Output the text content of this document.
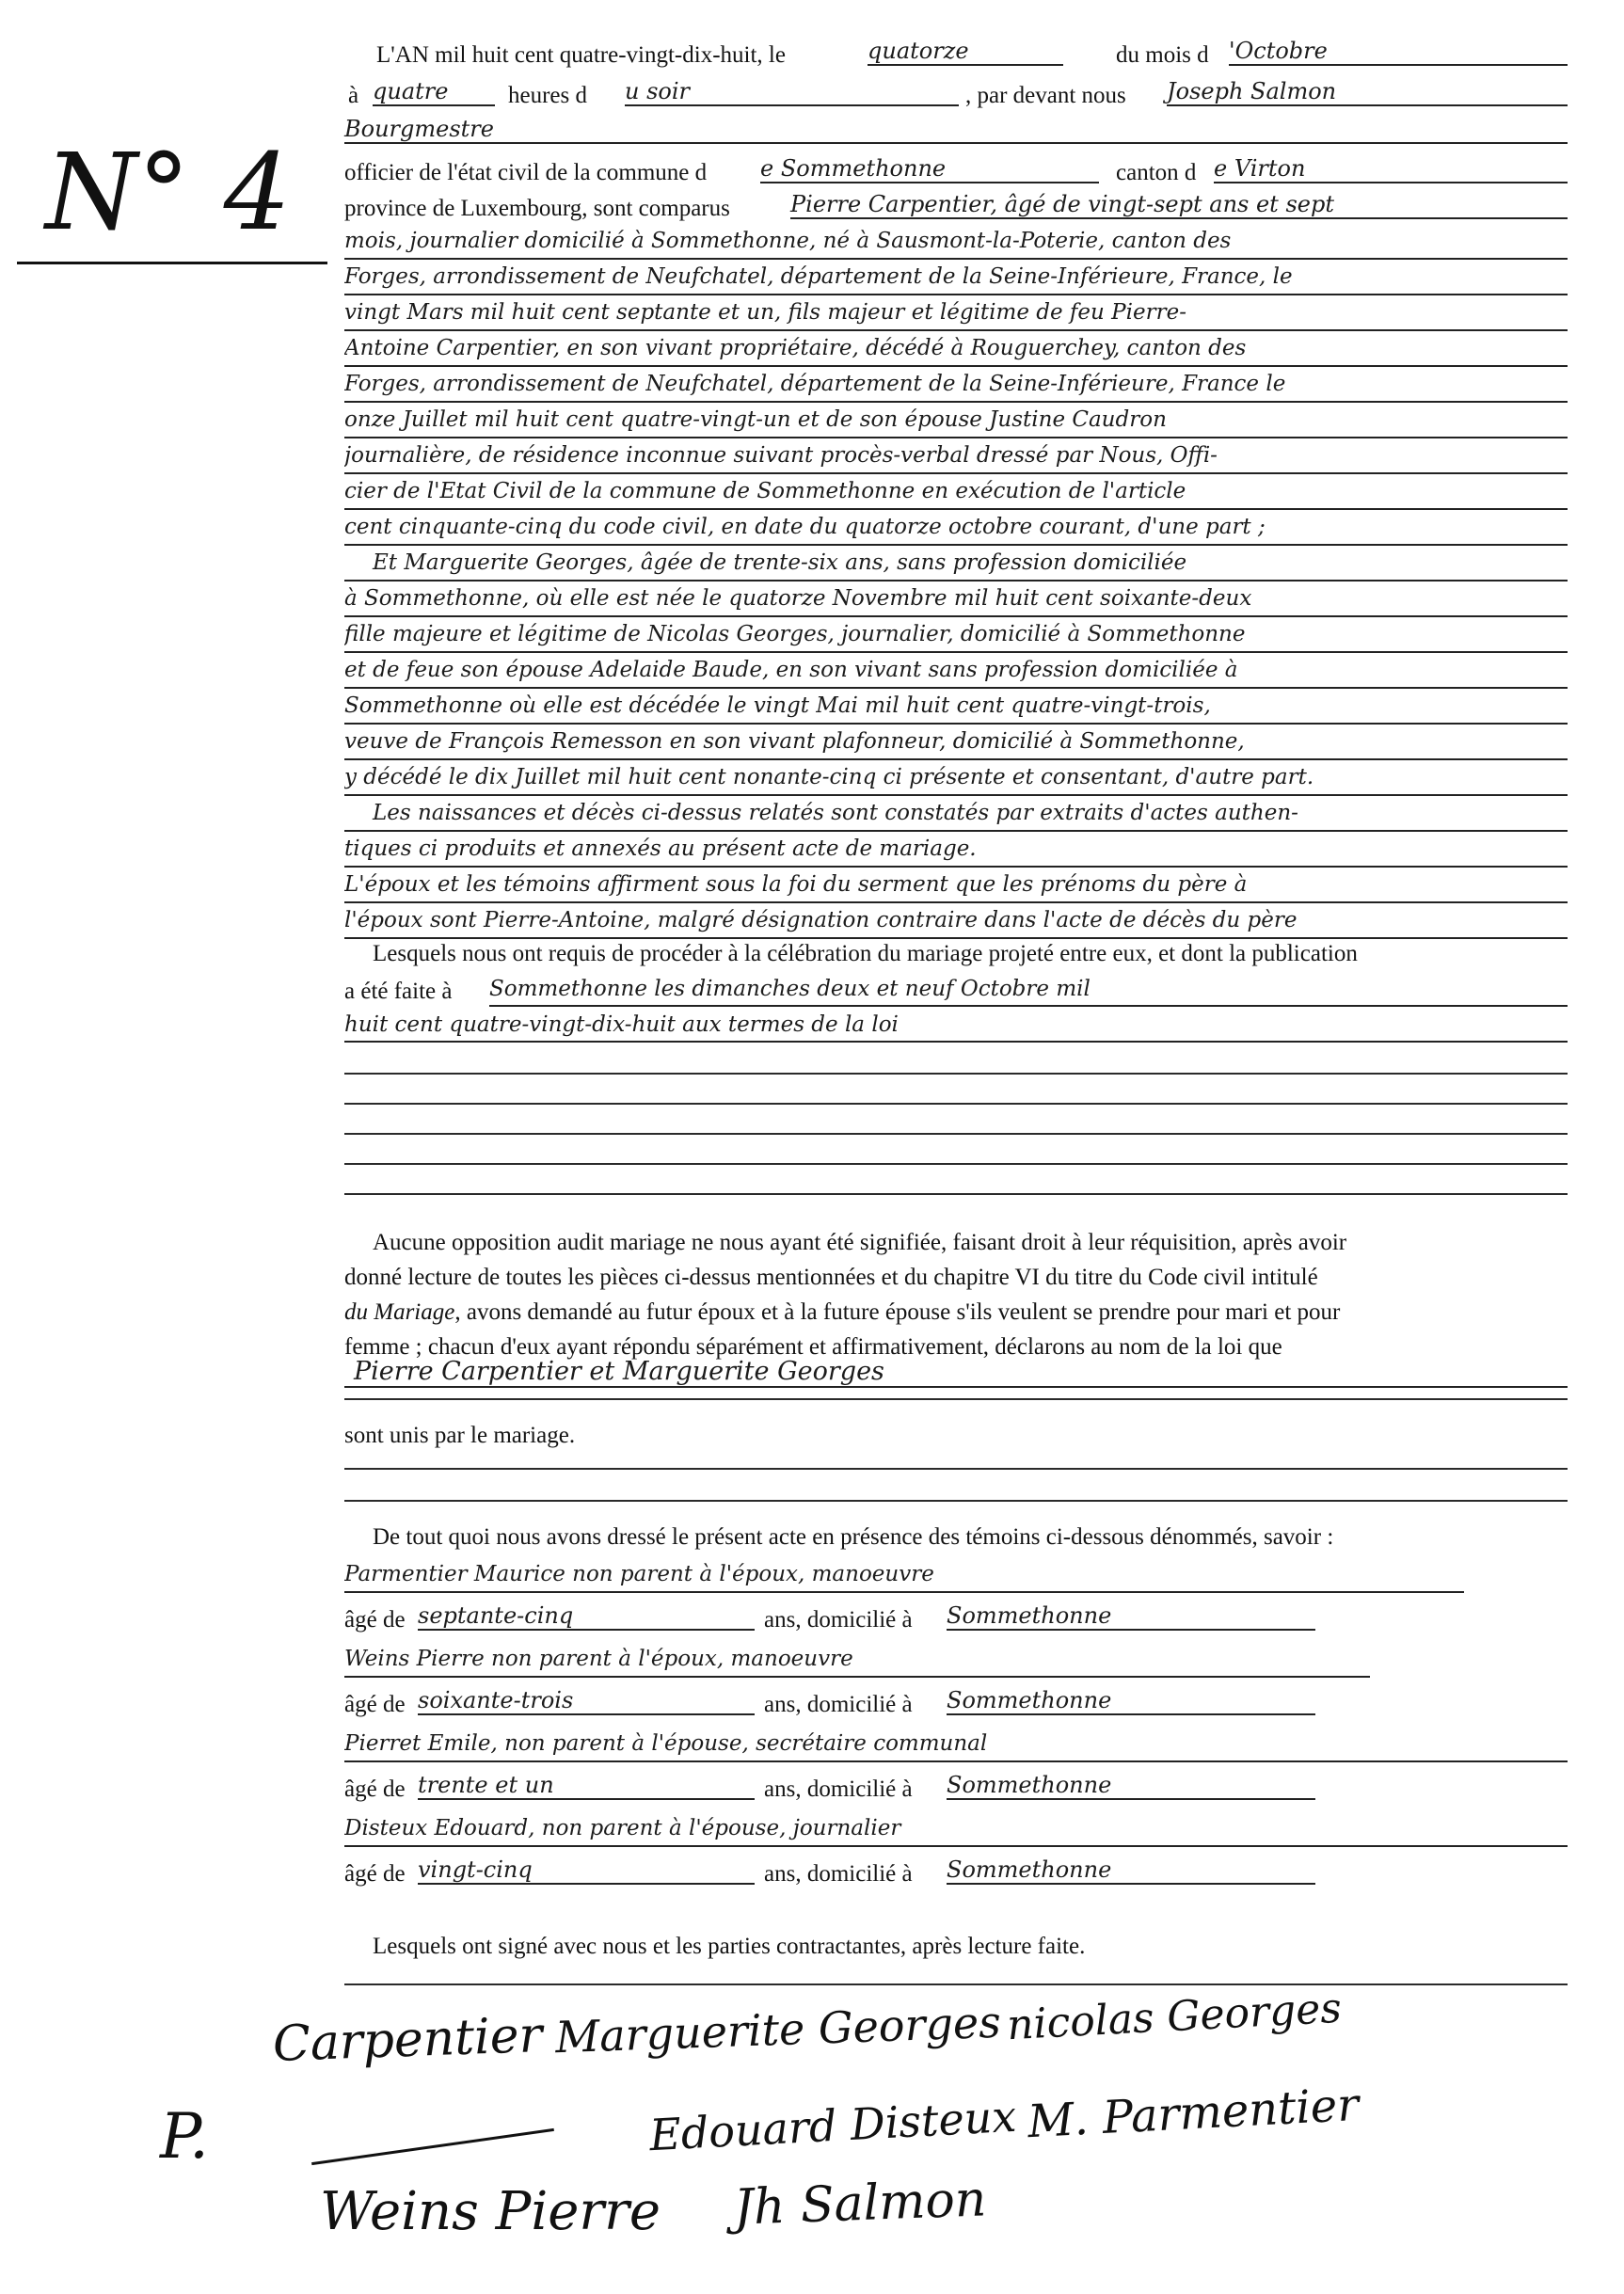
N° 4
L'AN mil huit cent quatre-vingt-dix-huit, le	quatorze	du mois d 'Octobre
à quatre	heures d u soir	, par devant nous Joseph Salmon
Bourgmestre
officier de l'état civil de la commune d e Sommethonne	canton d e Virton
province de Luxembourg, sont comparus	Pierre Carpentier, âgé de vingt-sept ans et sept
mois, journalier domicilié à Sommethonne, né à Sausmont-la-Poterie, canton des
Forges, arrondissement de Neufchatel, département de la Seine-Inférieure, France, le
vingt Mars mil huit cent septante et un, fils majeur et légitime de feu Pierre-
Antoine Carpentier, en son vivant propriétaire, décédé à Rouguerchey, canton des
Forges, arrondissement de Neufchatel, département de la Seine-Inférieure, France le
onze Juillet mil huit cent quatre-vingt-un et de son épouse Justine Caudron
journalière, de résidence inconnue suivant procès-verbal dressé par Nous, Offi-
cier de l'Etat Civil de la commune de Sommethonne en exécution de l'article
cent cinquante-cinq du code civil, en date du quatorze octobre courant, d'une part ;
Et Marguerite Georges, âgée de trente-six ans, sans profession domiciliée
à Sommethonne, où elle est née le quatorze Novembre mil huit cent soixante-deux
fille majeure et légitime de Nicolas Georges, journalier, domicilié à Sommethonne
et de feue son épouse Adelaide Baude, en son vivant sans profession domiciliée à
Sommethonne où elle est décédée le vingt Mai mil huit cent quatre-vingt-trois,
veuve de François Remesson en son vivant plafonneur, domicilié à Sommethonne,
y décédé le dix Juillet mil huit cent nonante-cinq ci présente et consentant, d'autre part.
Les naissances et décès ci-dessus relatés sont constatés par extraits d'actes authen-
tiques ci produits et annexés au présent acte de mariage.
L'époux et les témoins affirment sous la foi du serment que les prénoms du père à
l'époux sont Pierre-Antoine, malgré désignation contraire dans l'acte de décès du père
Lesquels nous ont requis de procéder à la célébration du mariage projeté entre eux, et dont la publication
a été faite à Sommethonne les dimanches deux et neuf Octobre mil
huit cent quatre-vingt-dix-huit aux termes de la loi
Aucune opposition audit mariage ne nous ayant été signifiée, faisant droit à leur réquisition, après avoir
donné lecture de toutes les pièces ci-dessus mentionnées et du chapitre VI du titre du Code civil intitulé
du Mariage, avons demandé au futur époux et à la future épouse s'ils veulent se prendre pour mari et pour
femme ; chacun d'eux ayant répondu séparément et affirmativement, déclarons au nom de la loi que
Pierre Carpentier et Marguerite Georges
sont unis par le mariage.
De tout quoi nous avons dressé le présent acte en présence des témoins ci-dessous dénommés, savoir :
Parmentier Maurice non parent à l'époux, manoeuvre
âgé de septante-cinq	ans, domicilié à Sommethonne
Weins Pierre non parent à l'époux, manoeuvre
âgé de soixante-trois	ans, domicilié à Sommethonne
Pierret Emile, non parent à l'épouse, secrétaire communal
âgé de trente et un	ans, domicilié à Sommethonne
Disteux Edouard, non parent à l'épouse, journalier
âgé de vingt-cinq	ans, domicilié à Sommethonne
Lesquels ont signé avec nous et les parties contractantes, après lecture faite.
Carpentier Marguerite Georges nicolas Georges
P.	Edouard Disteux M. Parmentier
Weins Pierre Jh Salmon
